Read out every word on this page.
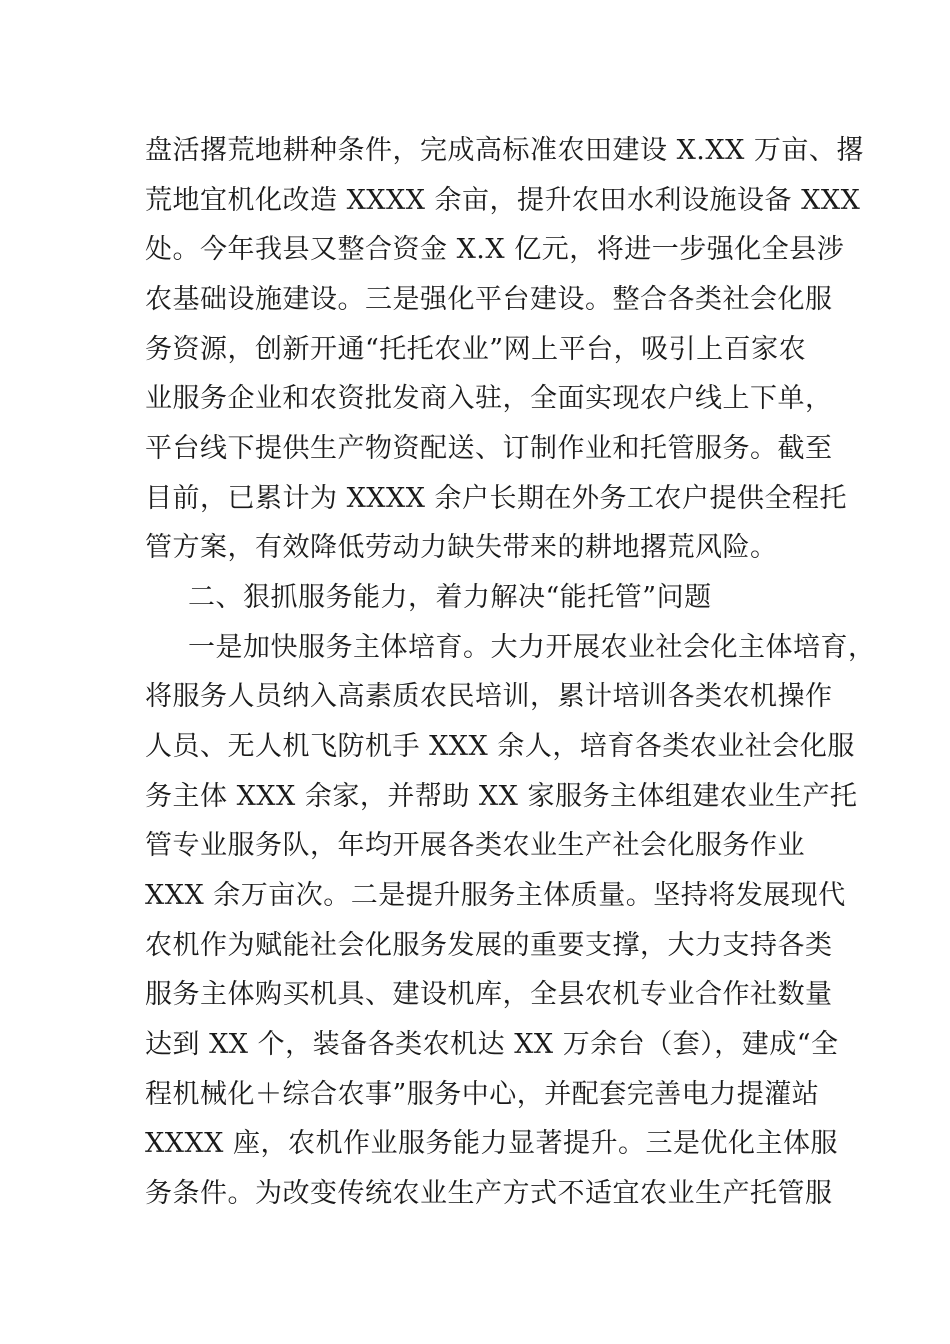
盘活撂荒地耕种条件，完成高标准农田建设 X.XX 万亩、撂
荒地宜机化改造 XXXX 余亩，提升农田水利设施设备 XXX
处。今年我县又整合资金 X.X 亿元，将进一步强化全县涉
农基础设施建设。三是强化平台建设。整合各类社会化服
务资源，创新开通“托托农业”网上平台，吸引上百家农
业服务企业和农资批发商入驻，全面实现农户线上下单，
平台线下提供生产物资配送、订制作业和托管服务。截至
目前，已累计为 XXXX 余户长期在外务工农户提供全程托
管方案，有效降低劳动力缺失带来的耕地撂荒风险。
二、狠抓服务能力，着力解决“能托管”问题
一是加快服务主体培育。大力开展农业社会化主体培育，
将服务人员纳入高素质农民培训，累计培训各类农机操作
人员、无人机飞防机手 XXX 余人，培育各类农业社会化服
务主体 XXX 余家，并帮助 XX 家服务主体组建农业生产托
管专业服务队，年均开展各类农业生产社会化服务作业
XXX 余万亩次。二是提升服务主体质量。坚持将发展现代
农机作为赋能社会化服务发展的重要支撑，大力支持各类
服务主体购买机具、建设机库，全县农机专业合作社数量
达到 XX 个，装备各类农机达 XX 万余台（套），建成“全
程机械化＋综合农事”服务中心，并配套完善电力提灌站
XXXX 座，农机作业服务能力显著提升。三是优化主体服
务条件。为改变传统农业生产方式不适宜农业生产托管服
